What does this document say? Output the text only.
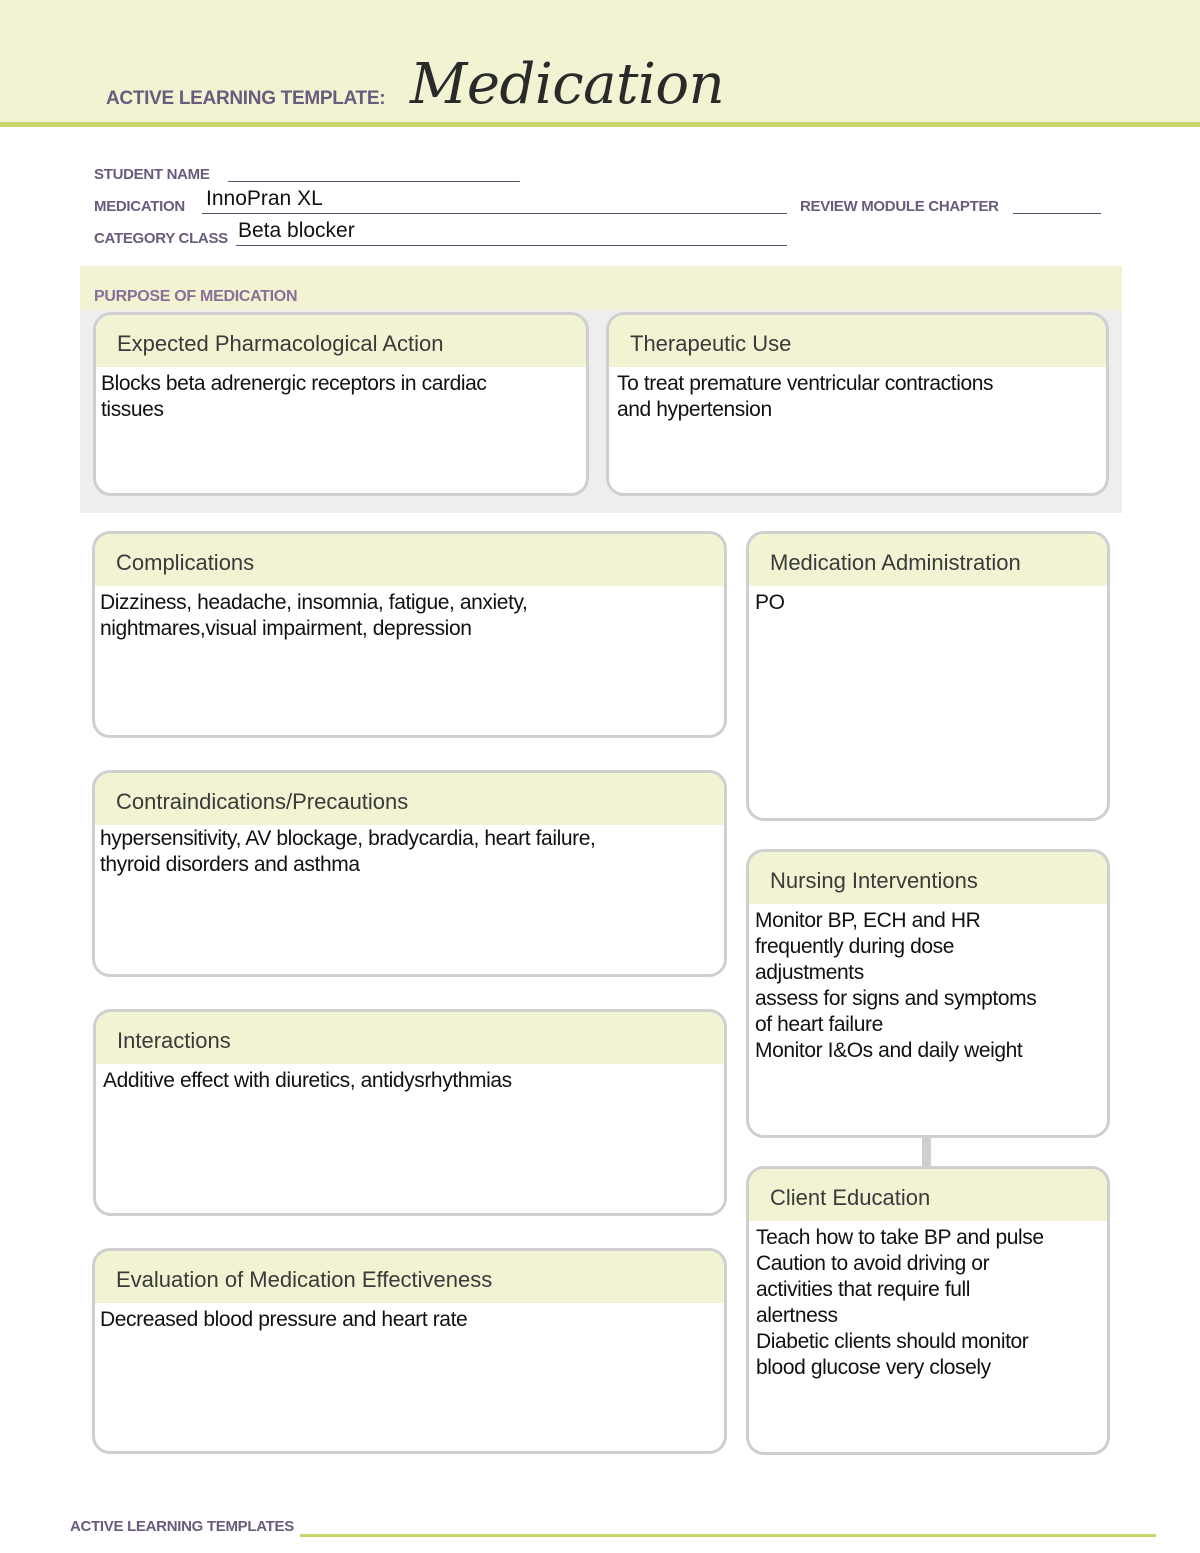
ACTIVE LEARNING TEMPLATE: Medication
STUDENT NAME
MEDICATION InnoPran XL	REVIEW MODULE CHAPTER
CATEGORY CLASS Beta blocker
PURPOSE OF MEDICATION
Expected Pharmacological Action
Blocks beta adrenergic receptors in cardiac
tissues
Therapeutic Use
To treat premature ventricular contractions
and hypertension
Complications
Dizziness, headache, insomnia, fatigue, anxiety,
nightmares,visual impairment, depression
Contraindications/Precautions
hypersensitivity, AV blockage, bradycardia, heart failure,
thyroid disorders and asthma
Interactions
Additive effect with diuretics, antidysrhythmias
Evaluation of Medication Effectiveness
Decreased blood pressure and heart rate
Medication Administration
PO
Nursing Interventions
Monitor BP, ECH and HR
frequently during dose
adjustments
assess for signs and symptoms
of heart failure
Monitor I&Os and daily weight
Client Education
Teach how to take BP and pulse
Caution to avoid driving or
activities that require full
alertness
Diabetic clients should monitor
blood glucose very closely
ACTIVE LEARNING TEMPLATES
